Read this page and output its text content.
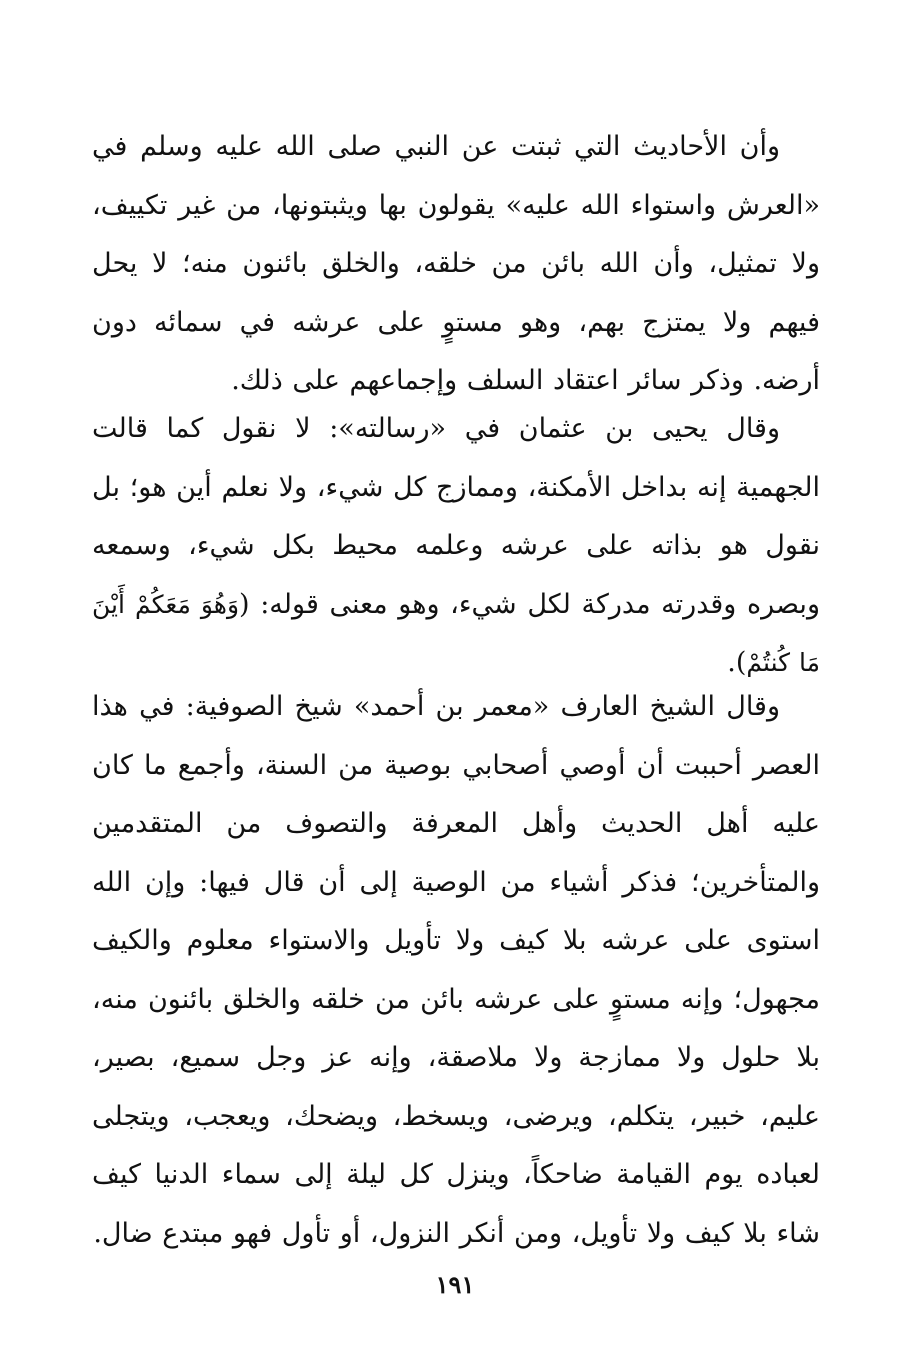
وأن الأحاديث التي ثبتت عن النبي صلى الله عليه وسلم في «العرش واستواء الله عليه» يقولون بها ويثبتونها، من غير تكييف، ولا تمثيل، وأن الله بائن من خلقه، والخلق بائنون منه؛ لا يحل فيهم ولا يمتزج بهم، وهو مستوٍ على عرشه في سمائه دون أرضه. وذكر سائر اعتقاد السلف وإجماعهم على ذلك.

وقال يحيى بن عثمان في «رسالته»: لا نقول كما قالت الجهمية إنه بداخل الأمكنة، وممازج كل شيء، ولا نعلم أين هو؛ بل نقول هو بذاته على عرشه وعلمه محيط بكل شيء، وسمعه وبصره وقدرته مدركة لكل شيء، وهو معنى قوله: (وَهُوَ مَعَكُمْ أَيْنَ مَا كُنتُمْ).

وقال الشيخ العارف «معمر بن أحمد» شيخ الصوفية: في هذا العصر أحببت أن أوصي أصحابي بوصية من السنة، وأجمع ما كان عليه أهل الحديث وأهل المعرفة والتصوف من المتقدمين والمتأخرين؛ فذكر أشياء من الوصية إلى أن قال فيها: وإن الله استوى على عرشه بلا كيف ولا تأويل والاستواء معلوم والكيف مجهول؛ وإنه مستوٍ على عرشه بائن من خلقه والخلق بائنون منه، بلا حلول ولا ممازجة ولا ملاصقة، وإنه عز وجل سميع، بصير، عليم، خبير، يتكلم، ويرضى، ويسخط، ويضحك، ويعجب، ويتجلى لعباده يوم القيامة ضاحكاً، وينزل كل ليلة إلى سماء الدنيا كيف شاء بلا كيف ولا تأويل، ومن أنكر النزول، أو تأول فهو مبتدع ضال.

١٩١
